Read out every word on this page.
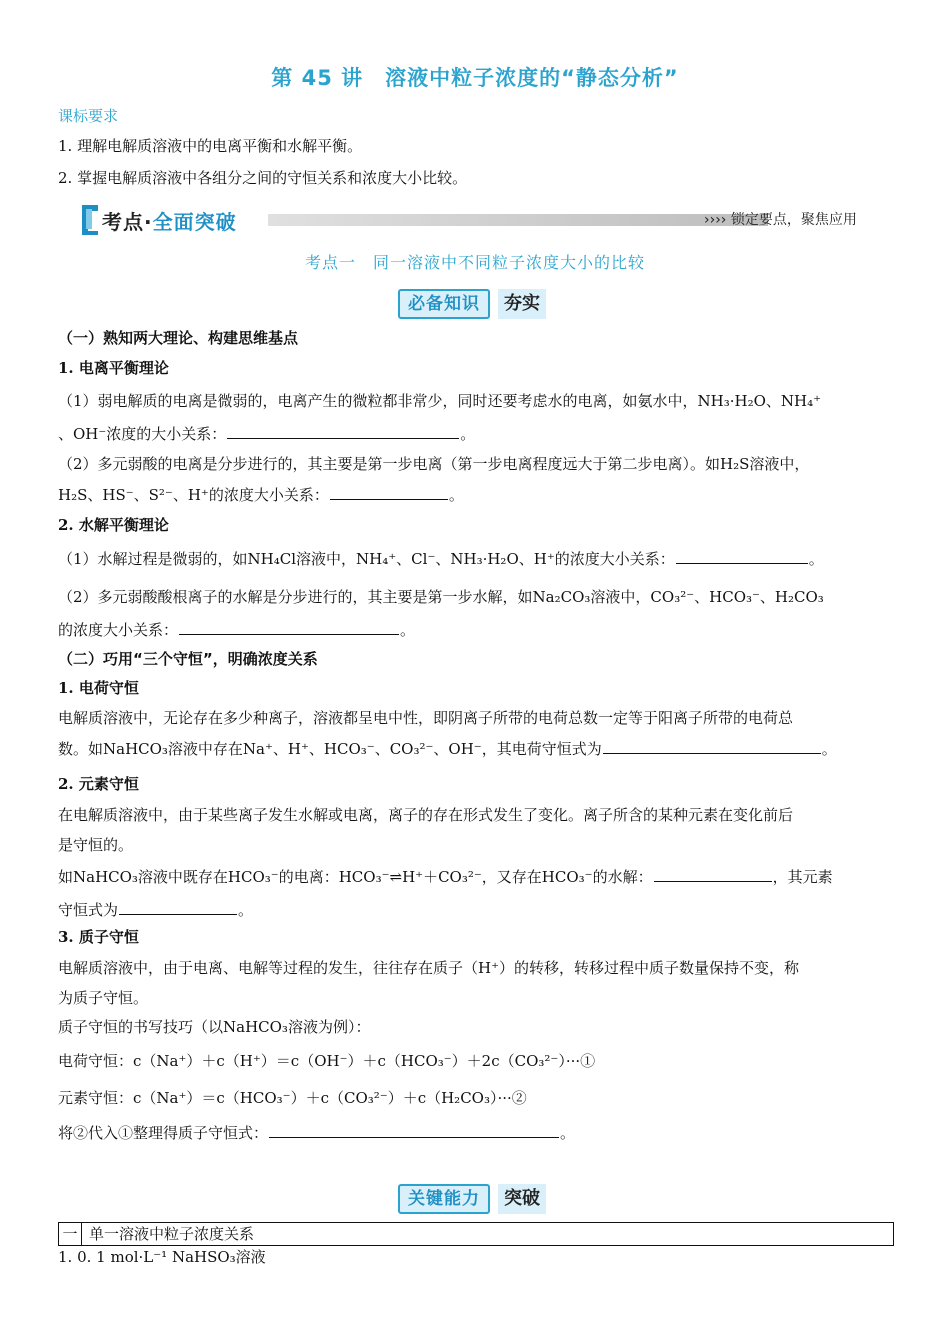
第 45 讲　溶液中粒子浓度的“静态分析”
课标要求
1. 理解电解质溶液中的电离平衡和水解平衡。
2. 掌握电解质溶液中各组分之间的守恒关系和浓度大小比较。
考点·全面突破	›››› 锁定要点，聚焦应用
考点一　同一溶液中不同粒子浓度大小的比较
必备知识	夯实
（一）熟知两大理论、构建思维基点
1. 电离平衡理论
（1）弱电解质的电离是微弱的，电离产生的微粒都非常少，同时还要考虑水的电离，如氨水中，NH₃·H₂O、NH₄⁺
、OH⁻浓度的大小关系：	。
（2）多元弱酸的电离是分步进行的，其主要是第一步电离（第一步电离程度远大于第二步电离）。如H₂S溶液中，
H₂S、HS⁻、S²⁻、H⁺的浓度大小关系：	。
2. 水解平衡理论
（1）水解过程是微弱的，如NH₄Cl溶液中，NH₄⁺、Cl⁻、NH₃·H₂O、H⁺的浓度大小关系：	。
（2）多元弱酸酸根离子的水解是分步进行的，其主要是第一步水解，如Na₂CO₃溶液中，CO₃²⁻、HCO₃⁻、H₂CO₃
的浓度大小关系：	。
（二）巧用“三个守恒”，明确浓度关系
1. 电荷守恒
电解质溶液中，无论存在多少种离子，溶液都呈电中性，即阴离子所带的电荷总数一定等于阳离子所带的电荷总
数。如NaHCO₃溶液中存在Na⁺、H⁺、HCO₃⁻、CO₃²⁻、OH⁻，其电荷守恒式为	。
2. 元素守恒
在电解质溶液中，由于某些离子发生水解或电离，离子的存在形式发生了变化。离子所含的某种元素在变化前后
是守恒的。
如NaHCO₃溶液中既存在HCO₃⁻的电离：HCO₃⁻⇌H⁺＋CO₃²⁻，又存在HCO₃⁻的水解：	，其元素
守恒式为	。
3. 质子守恒
电解质溶液中，由于电离、电解等过程的发生，往往存在质子（H⁺）的转移，转移过程中质子数量保持不变，称
为质子守恒。
质子守恒的书写技巧（以NaHCO₃溶液为例）：
电荷守恒：c（Na⁺）＋c（H⁺）＝c（OH⁻）＋c（HCO₃⁻）＋2c（CO₃²⁻）···①
元素守恒：c（Na⁺）＝c（HCO₃⁻）＋c（CO₃²⁻）＋c（H₂CO₃）···②
将②代入①整理得质子守恒式：	。
关键能力	突破
一 单一溶液中粒子浓度关系
1. 0. 1 mol·L⁻¹ NaHSO₃溶液
